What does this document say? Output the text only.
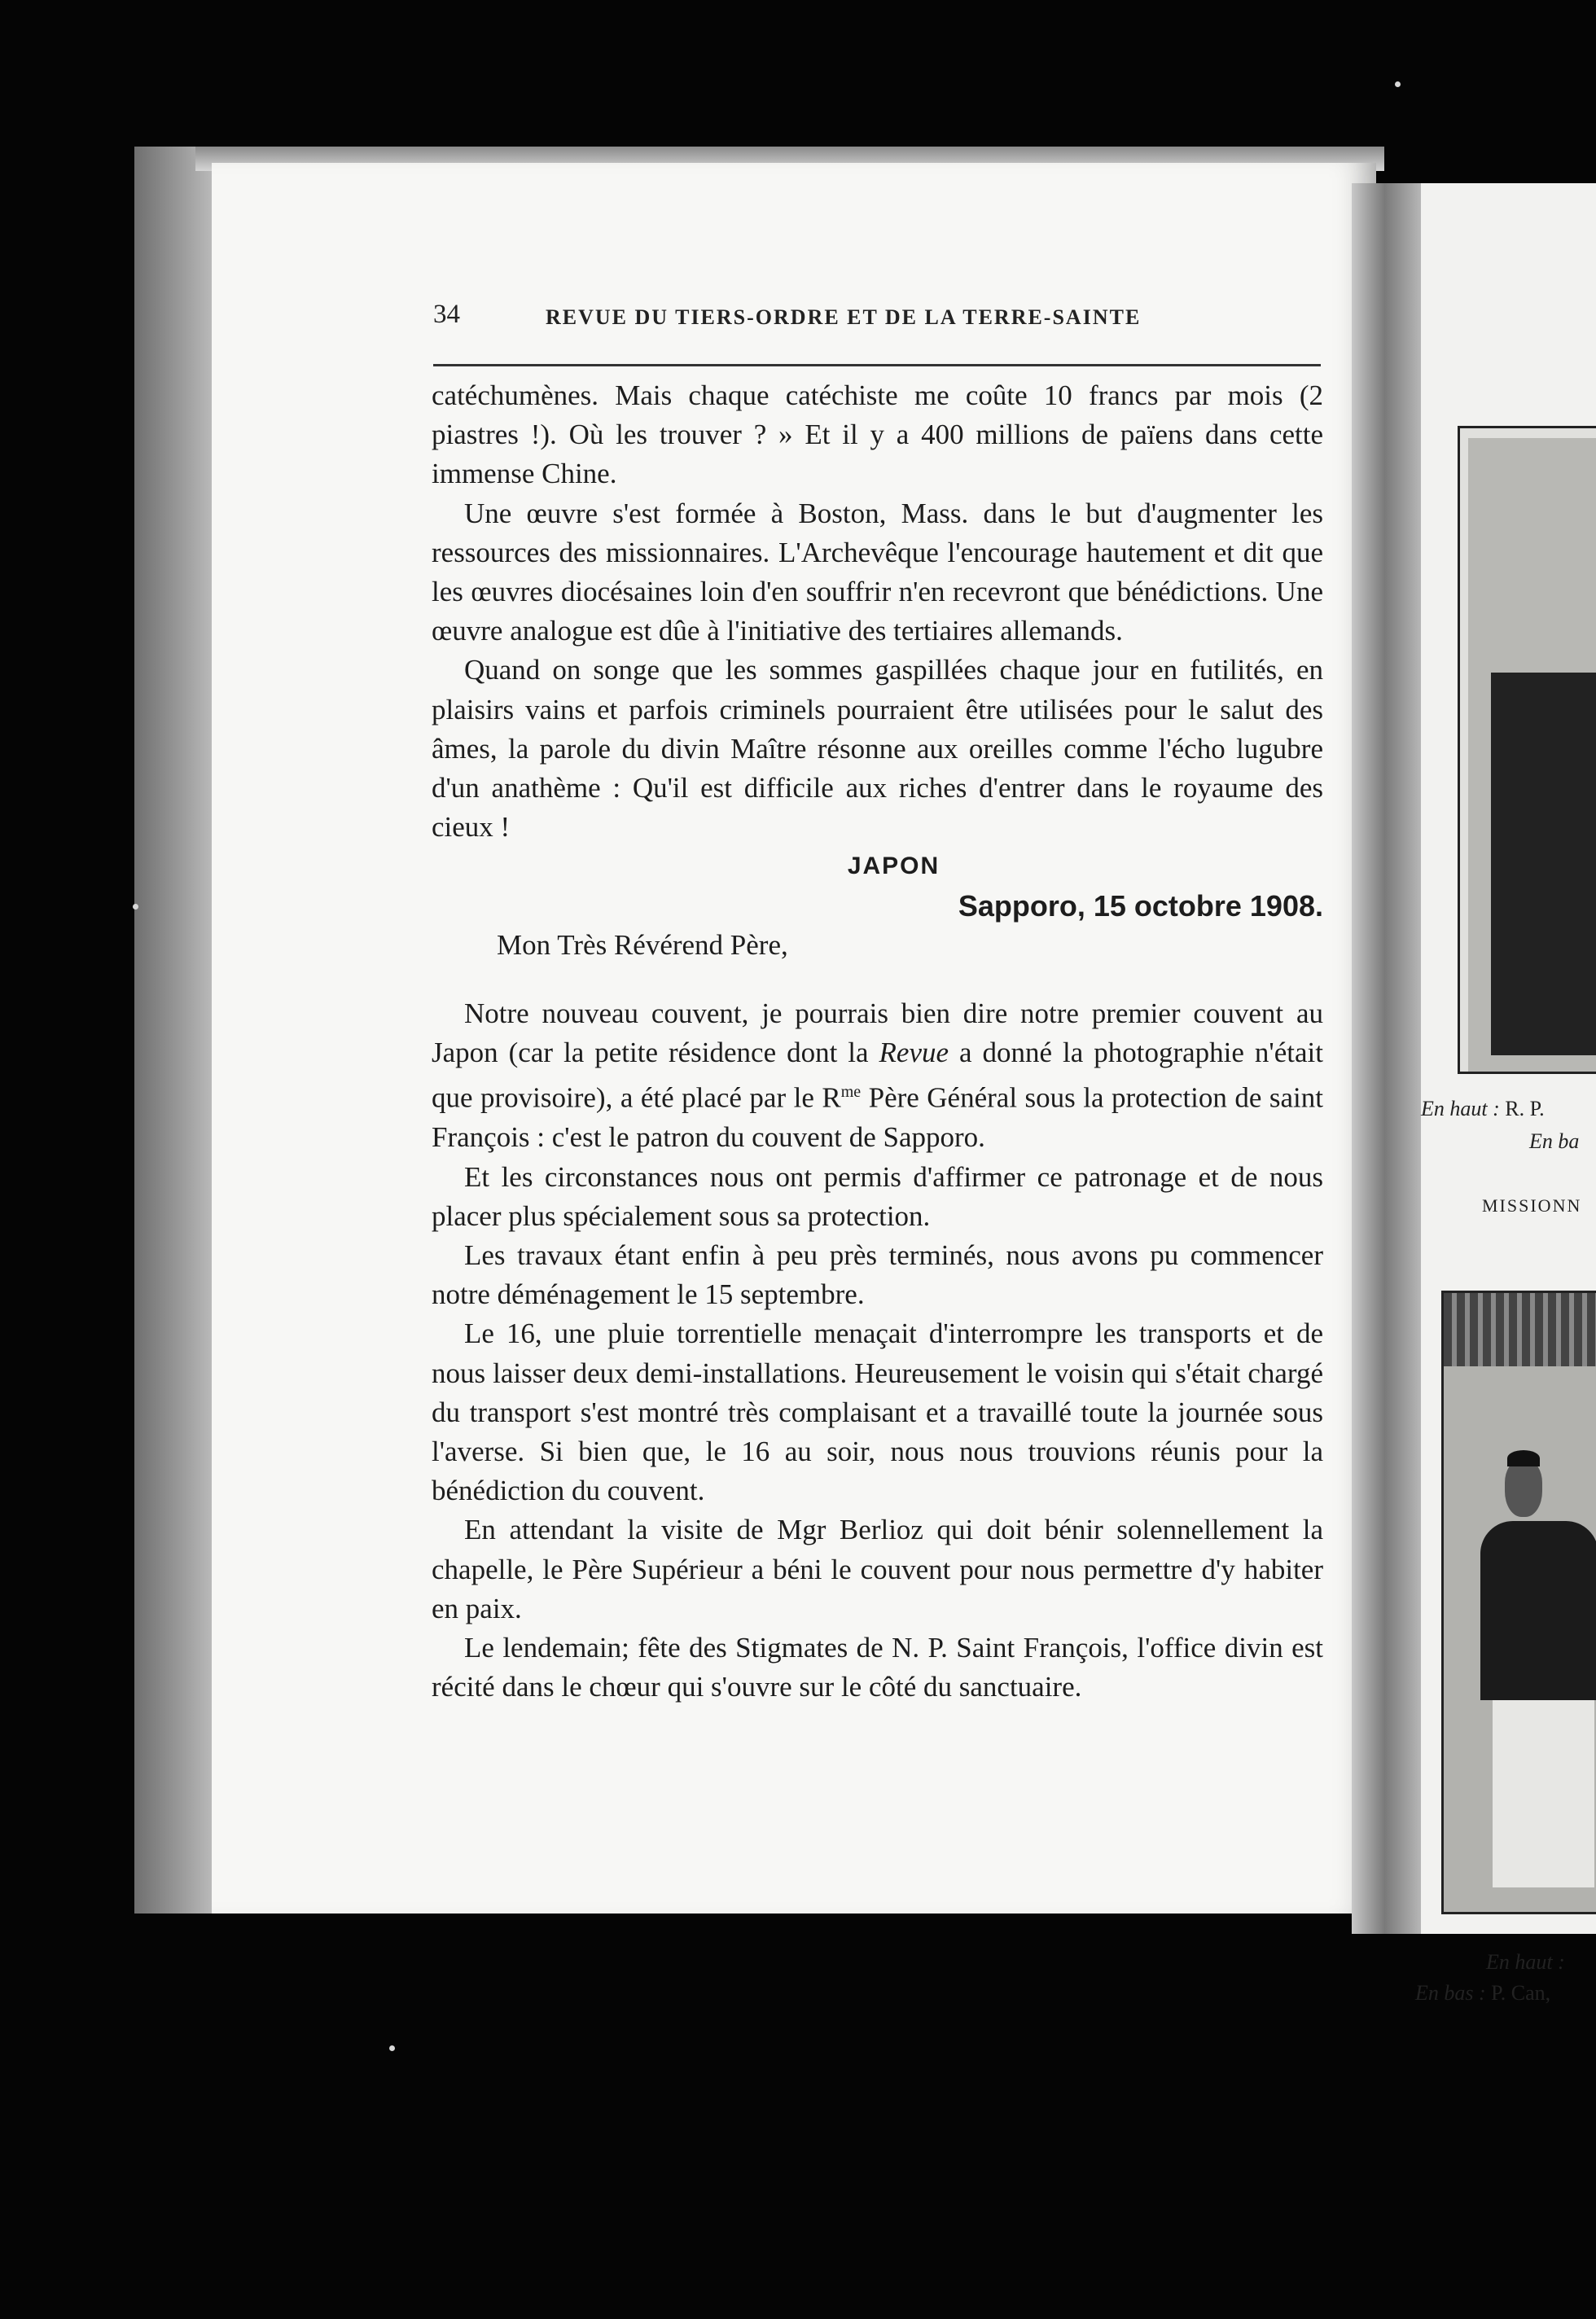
34	REVUE DU TIERS-ORDRE ET DE LA TERRE-SAINTE

catéchumènes. Mais chaque catéchiste me coûte 10 francs par mois (2 piastres !). Où les trouver ? » Et il y a 400 millions de païens dans cette immense Chine.

Une œuvre s'est formée à Boston, Mass. dans le but d'augmenter les ressources des missionnaires. L'Archevêque l'encourage hautement et dit que les œuvres diocésaines loin d'en souffrir n'en recevront que bénédictions. Une œuvre analogue est dûe à l'initiative des tertiaires allemands.

Quand on songe que les sommes gaspillées chaque jour en futilités, en plaisirs vains et parfois criminels pourraient être utilisées pour le salut des âmes, la parole du divin Maître résonne aux oreilles comme l'écho lugubre d'un anathème : Qu'il est difficile aux riches d'entrer dans le royaume des cieux !

JAPON

Sapporo, 15 octobre 1908.

Mon Très Révérend Père,

Notre nouveau couvent, je pourrais bien dire notre premier couvent au Japon (car la petite résidence dont la Revue a donné la photographie n'était que provisoire), a été placé par le $R^{me}$ Père Général sous la protection de saint François : c'est le patron du couvent de Sapporo.

Et les circonstances nous ont permis d'affirmer ce patronage et de nous placer plus spécialement sous sa protection.

Les travaux étant enfin à peu près terminés, nous avons pu commencer notre déménagement le 15 septembre.

Le 16, une pluie torrentielle menaçait d'interrompre les transports et de nous laisser deux demi-installations. Heureusement le voisin qui s'était chargé du transport s'est montré très complaisant et a travaillé toute la journée sous l'averse. Si bien que, le 16 au soir, nous nous trouvions réunis pour la bénédiction du couvent.

En attendant la visite de Mgr Berlioz qui doit bénir solennellement la chapelle, le Père Supérieur a béni le couvent pour nous permettre d'y habiter en paix.

Le lendemain; fête des Stigmates de N. P. Saint François, l'office divin est récité dans le chœur qui s'ouvre sur le côté du sanctuaire.

En haut : R. P.
En ba
MISSIONN
En haut :
En bas : P. Can,
